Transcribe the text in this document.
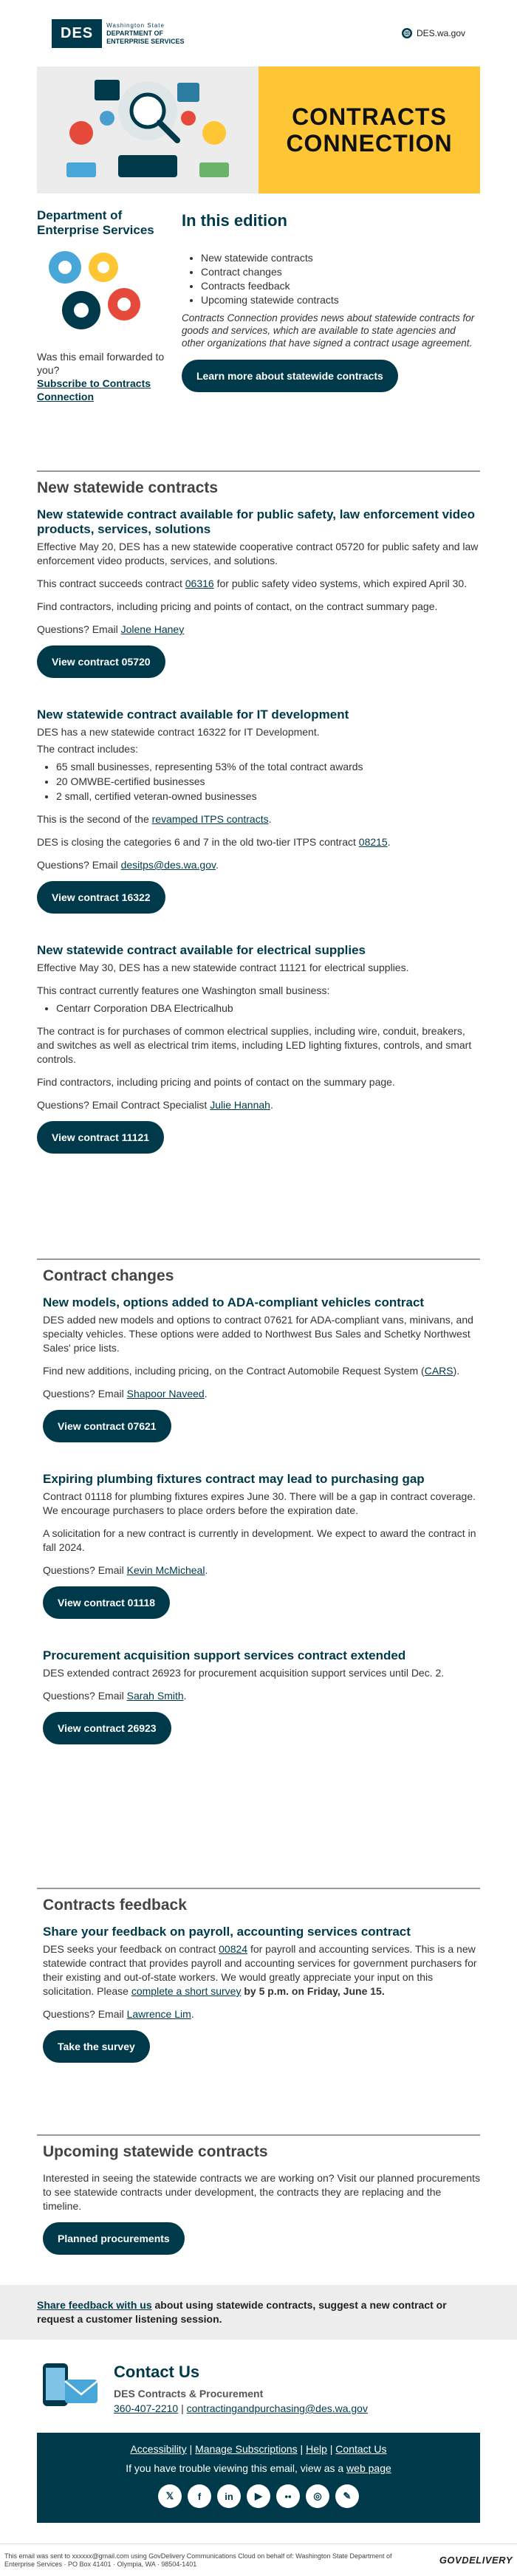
DES	Washington State
DEPARTMENT OF
ENTERPRISE SERVICES
DES.wa.gov
CONTRACTS
CONNECTION
Department of Enterprise Services
Was this email forwarded to you?
Subscribe to Contracts Connection
In this edition
• New statewide contracts
• Contract changes
• Contracts feedback
• Upcoming statewide contracts
Contracts Connection provides news about statewide contracts for goods and services, which are available to state agencies and other organizations that have signed a contract usage agreement.
Learn more about statewide contracts
New statewide contracts
New statewide contract available for public safety, law enforcement video products, services, solutions
Effective May 20, DES has a new statewide cooperative contract 05720 for public safety and law enforcement video products, services, and solutions.
This contract succeeds contract 06316 for public safety video systems, which expired April 30.
Find contractors, including pricing and points of contact, on the contract summary page.
Questions? Email Jolene Haney
View contract 05720
New statewide contract available for IT development
DES has a new statewide contract 16322 for IT Development.
The contract includes:
• 65 small businesses, representing 53% of the total contract awards
• 20 OMWBE-certified businesses
• 2 small, certified veteran-owned businesses
This is the second of the revamped ITPS contracts.
DES is closing the categories 6 and 7 in the old two-tier ITPS contract 08215.
Questions? Email desitps@des.wa.gov.
View contract 16322
New statewide contract available for electrical supplies
Effective May 30, DES has a new statewide contract 11121 for electrical supplies.
This contract currently features one Washington small business:
• Centarr Corporation DBA Electricalhub
The contract is for purchases of common electrical supplies, including wire, conduit, breakers, and switches as well as electrical trim items, including LED lighting fixtures, controls, and smart controls.
Find contractors, including pricing and points of contact on the summary page.
Questions? Email Contract Specialist Julie Hannah.
View contract 11121
Contract changes
New models, options added to ADA-compliant vehicles contract
DES added new models and options to contract 07621 for ADA-compliant vans, minivans, and specialty vehicles. These options were added to Northwest Bus Sales and Schetky Northwest Sales' price lists.
Find new additions, including pricing, on the Contract Automobile Request System (CARS).
Questions? Email Shapoor Naveed.
View contract 07621
Expiring plumbing fixtures contract may lead to purchasing gap
Contract 01118 for plumbing fixtures expires June 30. There will be a gap in contract coverage. We encourage purchasers to place orders before the expiration date.
A solicitation for a new contract is currently in development. We expect to award the contract in fall 2024.
Questions? Email Kevin McMicheal.
View contract 01118
Procurement acquisition support services contract extended
DES extended contract 26923 for procurement acquisition support services until Dec. 2.
Questions? Email Sarah Smith.
View contract 26923
Contracts feedback
Share your feedback on payroll, accounting services contract
DES seeks your feedback on contract 00824 for payroll and accounting services. This is a new statewide contract that provides payroll and accounting services for government purchasers for their existing and out-of-state workers. We would greatly appreciate your input on this solicitation. Please complete a short survey by 5 p.m. on Friday, June 15.
Questions? Email Lawrence Lim.
Take the survey
Upcoming statewide contracts
Interested in seeing the statewide contracts we are working on? Visit our planned procurements to see statewide contracts under development, the contracts they are replacing and the timeline.
Planned procurements
Share feedback with us about using statewide contracts, suggest a new contract or request a customer listening session.
Contact Us
DES Contracts & Procurement
360-407-2210 | contractingandpurchasing@des.wa.gov
Accessibility | Manage Subscriptions | Help | Contact Us
If you have trouble viewing this email, view as a web page
𝕏	f	in	▶	••	◎	✎
This email was sent to xxxxxx@gmail.com using GovDelivery Communications Cloud on behalf of: Washington State Department of Enterprise Services · PO Box 41401 · Olympia, WA · 98504-1401	GOVDELIVERY
